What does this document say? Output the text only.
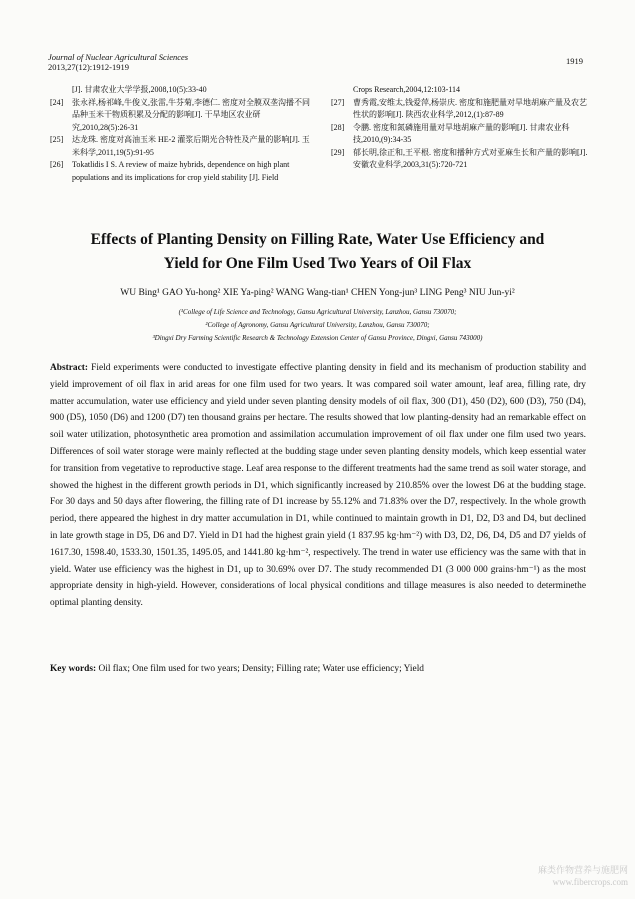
Journal of Nuclear Agricultural Sciences
2013,27(12):1912-1919
1919
[J]. 甘肃农业大学学报,2008,10(5):33-40
[24]	张永祥,杨祁峰,牛俊义,张雷,牛芬菊,李德仁. 密度对全膜双垄沟播不同品种玉米干物质积累及分配的影响[J]. 干旱地区农业研究,2010,28(5):26-31
[25]	达龙珠. 密度对高油玉米 HE-2 灌浆后期光合特性及产量的影响[J]. 玉米科学,2011,19(5):91-95
[26]	Tokatlidis I S. A review of maize hybrids, dependence on high plant populations and its implications for crop yield stability [J]. Field
Crops Research,2004,12:103-114
[27]	曹秀霞,安维太,钱爱萍,杨崇庆. 密度和施肥量对旱地胡麻产量及农艺性状的影响[J]. 陕西农业科学,2012,(1):87-89
[28]	令鹏. 密度和氮磷施用量对旱地胡麻产量的影响[J]. 甘肃农业科技,2010,(9):34-35
[29]	郁长明,徐正和,王平根. 密度和播种方式对亚麻生长和产量的影响[J]. 安徽农业科学,2003,31(5):720-721
Effects of Planting Density on Filling Rate, Water Use Efficiency and
Yield for One Film Used Two Years of Oil Flax
WU Bing¹ GAO Yu-hong² XIE Ya-ping² WANG Wang-tian¹ CHEN Yong-jun³ LING Peng³ NIU Jun-yi²
(¹College of Life Science and Technology, Gansu Agricultural University, Lanzhou, Gansu 730070;
²College of Agronomy, Gansu Agricultural University, Lanzhou, Gansu 730070;
³Dingxi Dry Farming Scientific Research & Technology Extension Center of Gansu Province, Dingxi, Gansu 743000)
Abstract: Field experiments were conducted to investigate effective planting density in field and its mechanism of production stability and yield improvement of oil flax in arid areas for one film used for two years. It was compared soil water amount, leaf area, filling rate, dry matter accumulation, water use efficiency and yield under seven planting density models of oil flax, 300 (D1), 450 (D2), 600 (D3), 750 (D4), 900 (D5), 1050 (D6) and 1200 (D7) ten thousand grains per hectare. The results showed that low planting-density had an remarkable effect on soil water utilization, photosynthetic area promotion and assimilation accumulation improvement of oil flax under one film used two years. Differences of soil water storage were mainly reflected at the budding stage under seven planting density models, which keep essential water for transition from vegetative to reproductive stage. Leaf area response to the different treatments had the same trend as soil water storage, and showed the highest in the different growth periods in D1, which significantly increased by 210.85% over the lowest D6 at the budding stage. For 30 days and 50 days after flowering, the filling rate of D1 increase by 55.12% and 71.83% over the D7, respectively. In the whole growth period, there appeared the highest in dry matter accumulation in D1, while continued to maintain growth in D1, D2, D3 and D4, but declined in late growth stage in D5, D6 and D7. Yield in D1 had the highest grain yield (1 837.95 kg·hm⁻²) with D3, D2, D6, D4, D5 and D7 yields of 1617.30, 1598.40, 1533.30, 1501.35, 1495.05, and 1441.80 kg·hm⁻², respectively. The trend in water use efficiency was the same with that in yield. Water use efficiency was the highest in D1, up to 30.69% over D7. The study recommended D1 (3 000 000 grains·hm⁻¹) as the most appropriate density in high-yield. However, considerations of local physical conditions and tillage measures is also needed to determinethe optimal planting density.
Key words: Oil flax; One film used for two years; Density; Filling rate; Water use efficiency; Yield
麻类作物营养与施肥网
www.fibercrops.com
